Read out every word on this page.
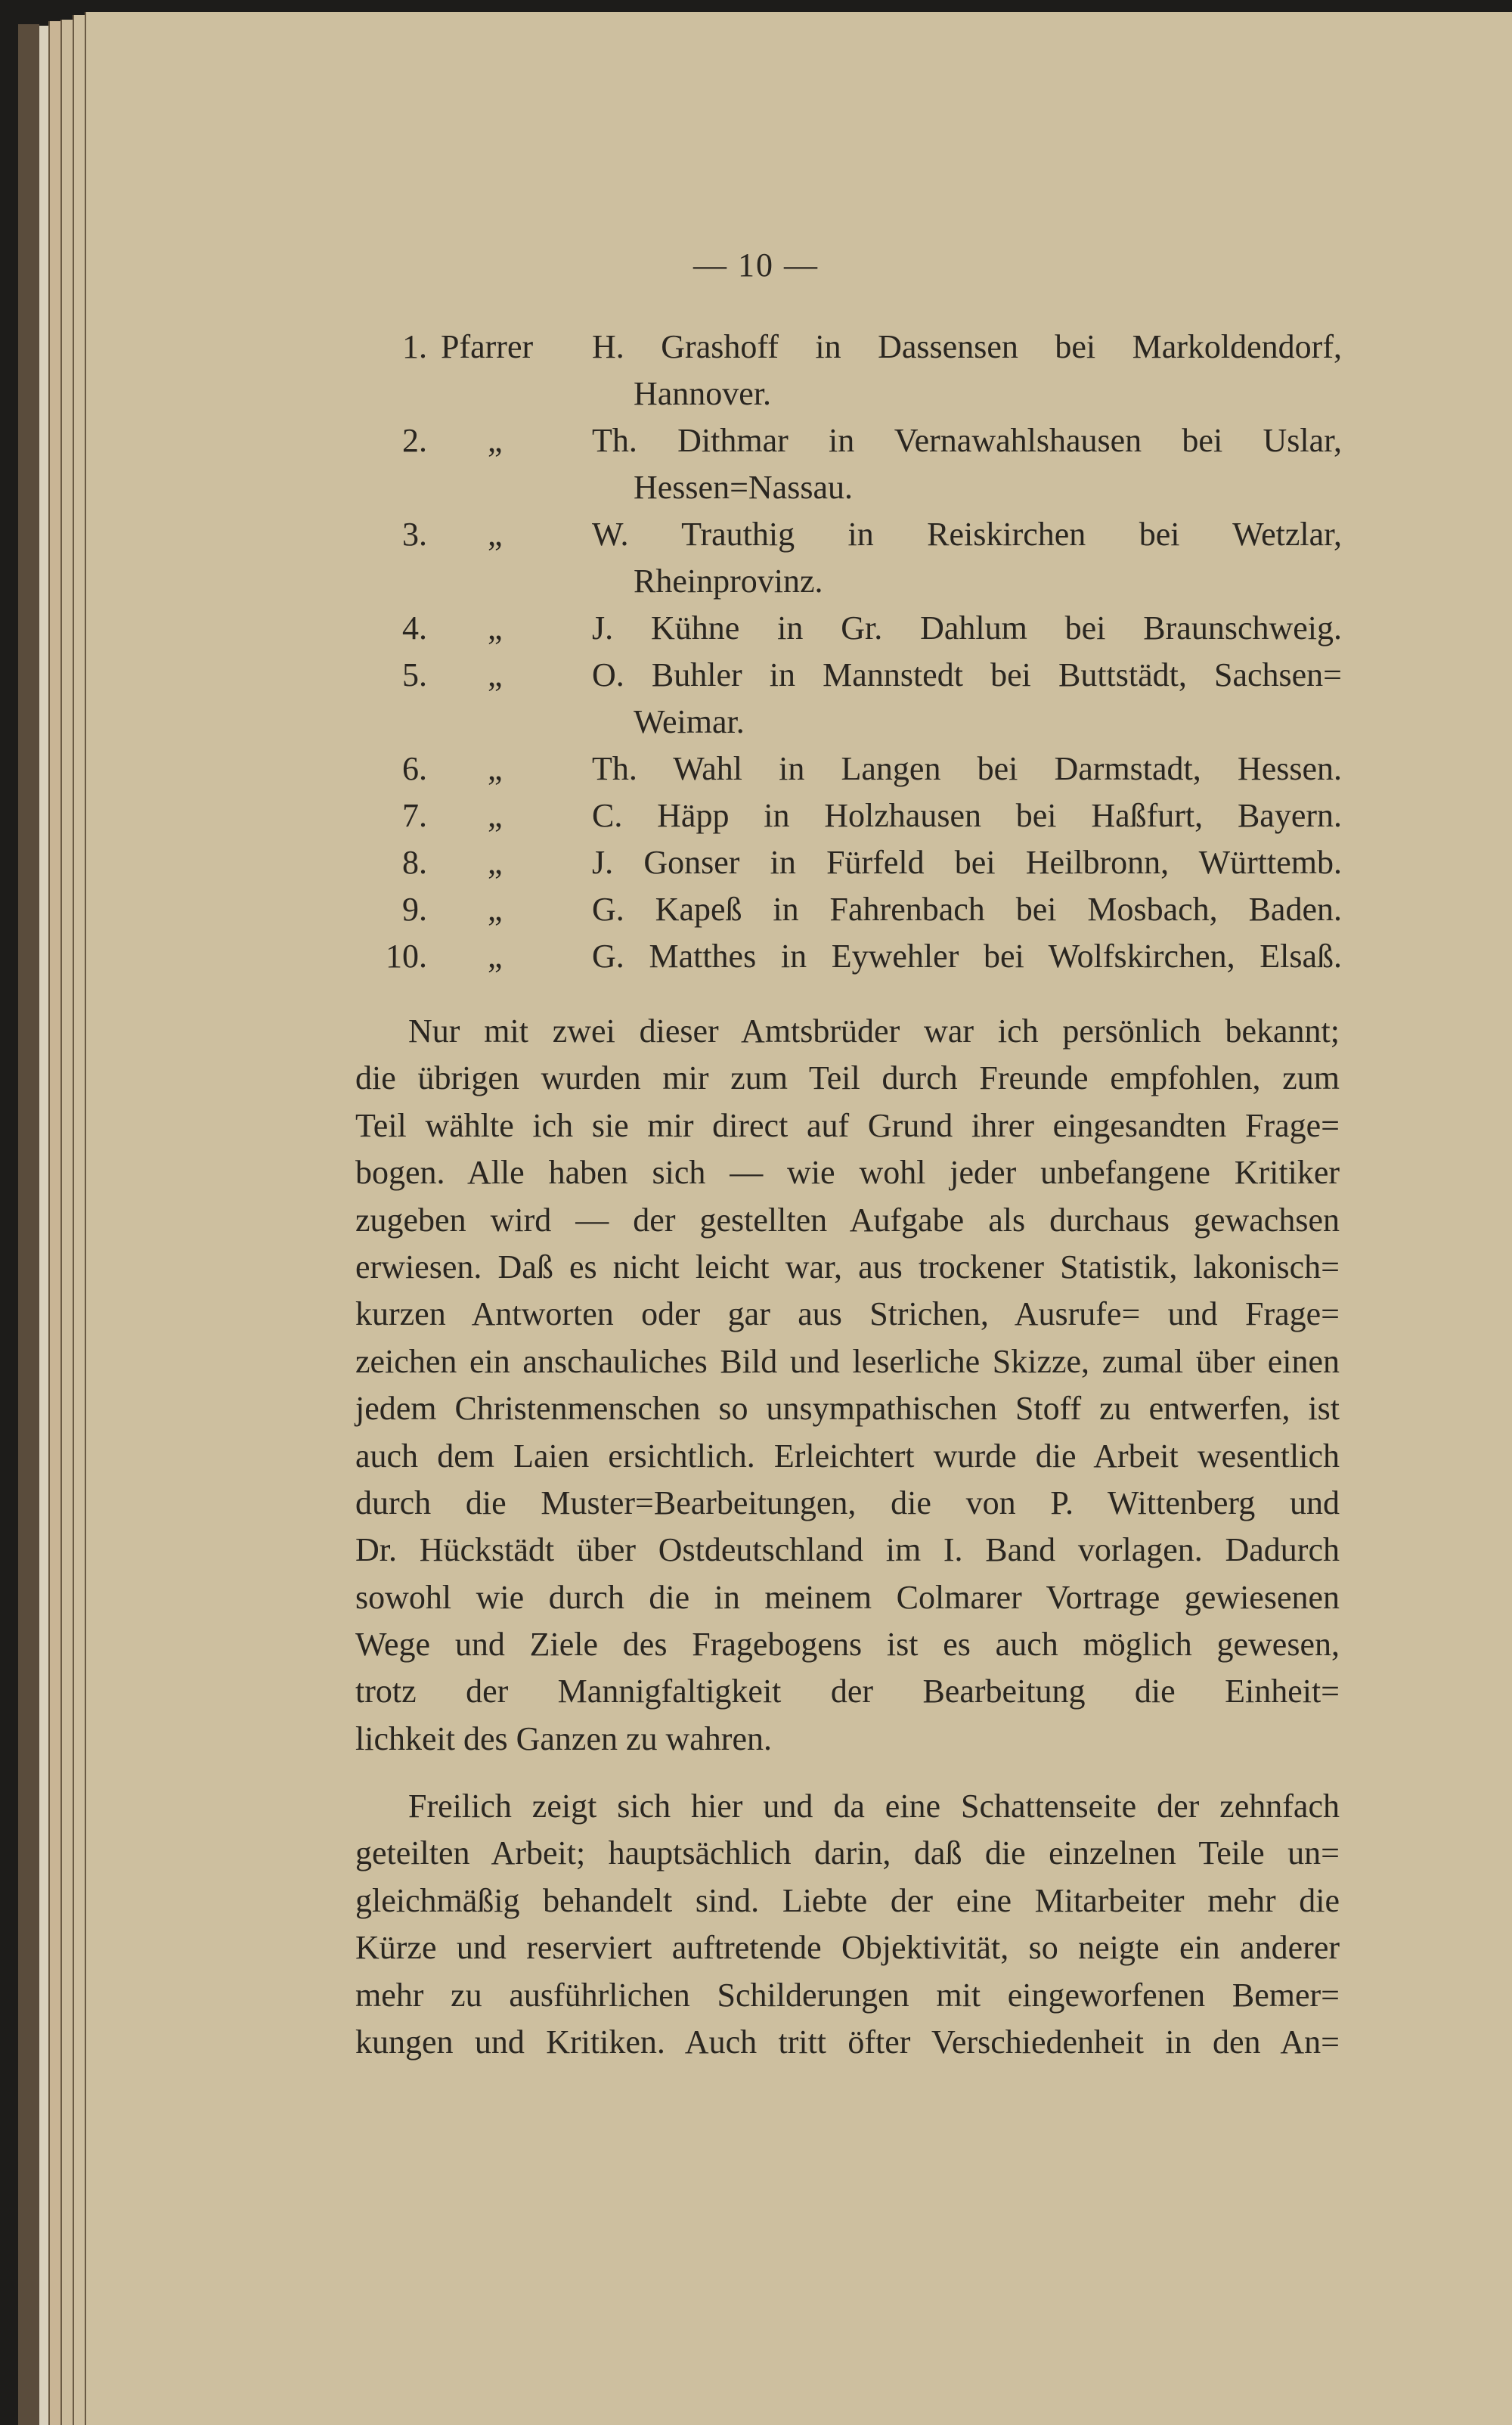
— 10 —
1. Pfarrer H. Grashoff in Dassensen bei Markoldendorf,
Hannover.
2. „	Th. Dithmar in Vernawahlshausen bei Uslar,
Hessen=Nassau.
3. „	W. Trauthig in Reiskirchen bei Wetzlar,
Rheinprovinz.
4. „	J. Kühne in Gr. Dahlum bei Braunschweig.
5. „	O. Buhler in Mannstedt bei Buttstädt, Sachsen=
Weimar.
6. „	Th. Wahl in Langen bei Darmstadt, Hessen.
7. „	C. Häpp in Holzhausen bei Haßfurt, Bayern.
8. „	J. Gonser in Fürfeld bei Heilbronn, Württemb.
9. „	G. Kapeß in Fahrenbach bei Mosbach, Baden.
10. „	G. Matthes in Eywehler bei Wolfskirchen, Elsaß.
Nur mit zwei dieser Amtsbrüder war ich persönlich bekannt;
die übrigen wurden mir zum Teil durch Freunde empfohlen, zum
Teil wählte ich sie mir direct auf Grund ihrer eingesandten Frage=
bogen. Alle haben sich — wie wohl jeder unbefangene Kritiker
zugeben wird — der gestellten Aufgabe als durchaus gewachsen
erwiesen. Daß es nicht leicht war, aus trockener Statistik, lakonisch=
kurzen Antworten oder gar aus Strichen, Ausrufe= und Frage=
zeichen ein anschauliches Bild und leserliche Skizze, zumal über einen
jedem Christenmenschen so unsympathischen Stoff zu entwerfen, ist
auch dem Laien ersichtlich. Erleichtert wurde die Arbeit wesentlich
durch die Muster=Bearbeitungen, die von P. Wittenberg und
Dr. Hückstädt über Ostdeutschland im I. Band vorlagen. Dadurch
sowohl wie durch die in meinem Colmarer Vortrage gewiesenen
Wege und Ziele des Fragebogens ist es auch möglich gewesen,
trotz der Mannigfaltigkeit der Bearbeitung die Einheit=
lichkeit des Ganzen zu wahren.
Freilich zeigt sich hier und da eine Schattenseite der zehnfach
geteilten Arbeit; hauptsächlich darin, daß die einzelnen Teile un=
gleichmäßig behandelt sind. Liebte der eine Mitarbeiter mehr die
Kürze und reserviert auftretende Objektivität, so neigte ein anderer
mehr zu ausführlichen Schilderungen mit eingeworfenen Bemer=
kungen und Kritiken. Auch tritt öfter Verschiedenheit in den An=
